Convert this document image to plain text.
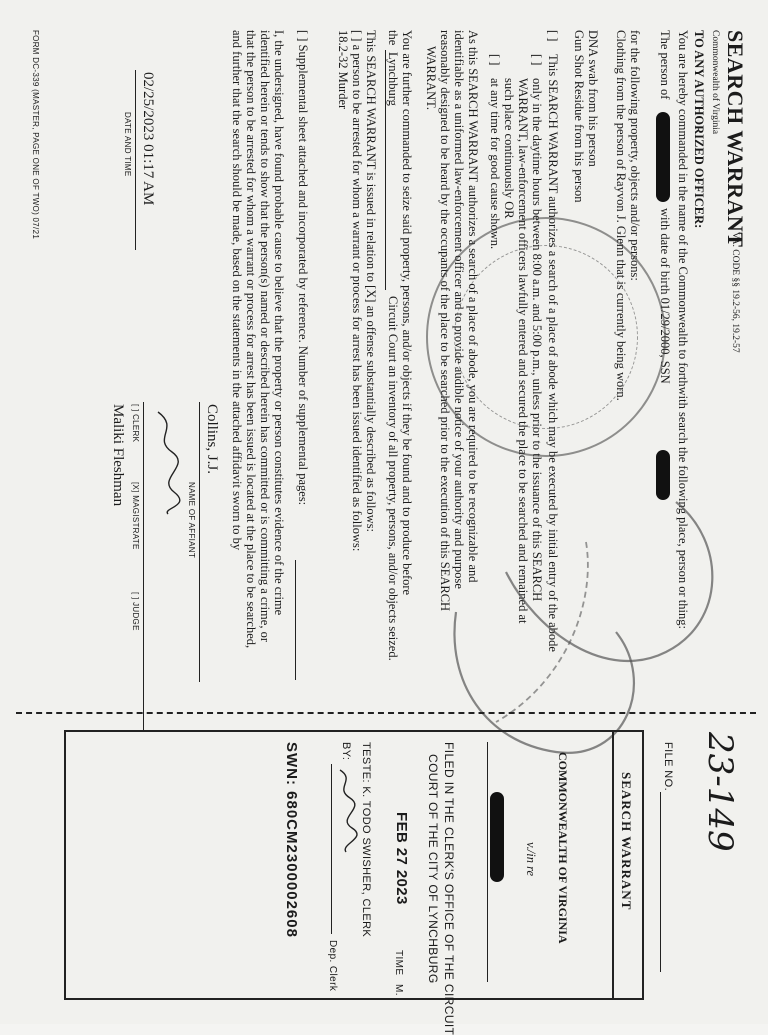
SEARCH WARRANT
VA. CODE §§ 19.2-56, 19.2-57
Commonwealth of Virginia
TO ANY AUTHORIZED OFFICER:
You are hereby commanded in the name of the Commonwealth to forthwith search the following place, person or thing:
The person of
with date of birth 01/29/2000, SSN
for the following property, objects and/or persons:
Clothing from the person of Rayvon J. Glenn that is currently being worn.
DNA swab from his person
Gun Shot Residue from his person
[ ]
This SEARCH WARRANT authorizes a search of a place of abode which may be executed by initial entry of the abode
[ ]
only in the daytime hours between 8:00 a.m. and 5:00 p.m., unless prior to the issuance of this SEARCH
WARRANT, law-enforcement officers lawfully entered and secured the place to be searched and remained at
such place continuously OR
[ ]
at any time for good cause shown.
As this SEARCH WARRANT authorizes a search of a place of abode, you are required to be recognizable and
identifiable as a uniformed law-enforcement officer and to provide audible notice of your authority and purpose
reasonably designed to be heard by the occupants of the place to be searched prior to the execution of this SEARCH
WARRANT.
You are further commanded to seize said property, persons, and/or objects if they be found and to produce before
the
Lynchburg
Circuit Court an inventory of all property, persons, and/or objects seized.
This SEARCH WARRANT is issued in relation to [X] an offense substantially described as follows:
[ ] a person to be arrested for whom a warrant or process for arrest has been issued identified as follows:
18.2-32 Murder
[ ] Supplemental sheet attached and incorporated by reference. Number of supplemental pages:
I, the undersigned, have found probable cause to believe that the property or person constitutes evidence of the crime
identified herein or tends to show that the person(s) named or described herein has committed or is committing a crime, or
that the person to be arrested for whom a warrant or process for arrest has been issued is located at the place to be searched,
and further that the search should be made, based on the statements in the attached affidavit sworn to by
Collins, J.J.
NAME OF AFFIANT
02/25/2023 01:17 AM
DATE AND TIME
[ ] CLERK
[X] MAGISTRATE
[ ] JUDGE
Maliki Fleshman
FORM DC-339 (MASTER, PAGE ONE OF TWO) 07/21
23-149
FILE NO.
SEARCH WARRANT
COMMONWEALTH OF VIRGINIA
v./in re
FILED IN THE CLERK'S OFFICE OF THE CIRCUIT
COURT OF THE CITY OF LYNCHBURG
FEB 27 2023
TIME
M.
TESTE: K. TODO SWISHER, CLERK
BY:
Dep. Clerk
SWN: 680CM2300002608
